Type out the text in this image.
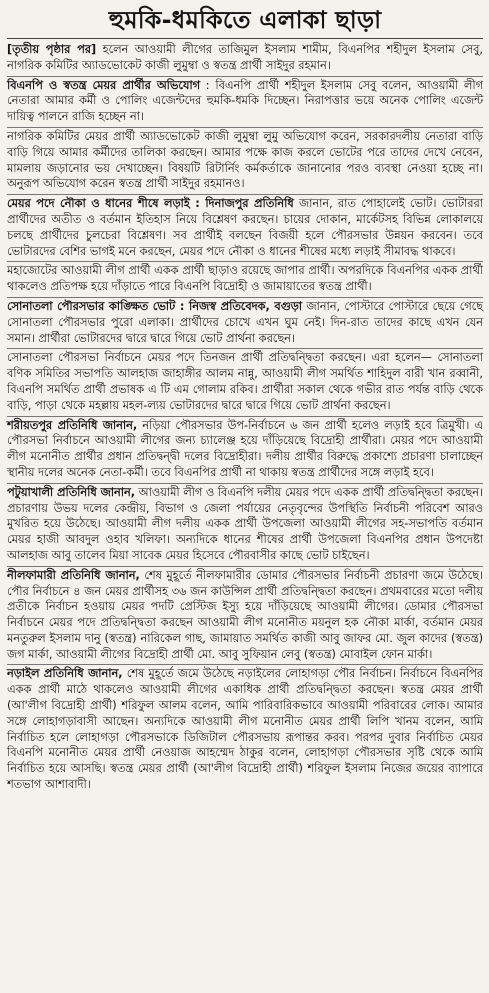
হুমকি-ধমকিতে এলাকা ছাড়া

[তৃতীয় পৃষ্ঠার পর] হলেন আওয়ামী লীগের তাজিমুল ইসলাম শামীম, বিএনপির শহীদুল ইসলাম সেবু, নাগরিক কমিটির অ্যাডভোকেট কাজী লুমুম্বা ও স্বতন্ত্র প্রার্থী সাইদুর রহমান।

বিএনপি ও স্বতন্ত্র মেয়র প্রার্থীর অভিযোগ : বিএনপি প্রার্থী শহীদুল ইসলাম সেবু বলেন, আওয়ামী লীগ নেতারা আমার কর্মী ও পোলিং এজেন্টদের হুমকি-ধমকি দিচ্ছেন। নিরাপত্তার ভয়ে অনেক পোলিং এজেন্ট দায়িত্ব পালনে রাজি হচ্ছেন না।

নাগরিক কমিটির মেয়র প্রার্থী অ্যাডভোকেট কাজী লুমুম্বা লুমু অভিযোগ করেন, সরকারদলীয় নেতারা বাড়ি বাড়ি গিয়ে আমার কর্মীদের তালিকা করছেন। আমার পক্ষে কাজ করলে ভোটের পরে তাদের দেখে নেবেন, মামলায় জড়ানোর ভয় দেখাচ্ছেন। বিষয়টি রিটার্নিং কর্মকর্তাকে জানানোর পরও ব্যবস্থা নেওয়া হচ্ছে না। অনুরূপ অভিযোগ করেন স্বতন্ত্র প্রার্থী সাইদুর রহমানও।

মেয়র পদে নৌকা ও ধানের শীষে লড়াই : দিনাজপুর প্রতিনিধি জানান, রাত পোহালেই ভোট। ভোটাররা প্রার্থীদের অতীত ও বর্তমান ইতিহাস নিয়ে বিশ্লেষণ করছেন। চায়ের দোকান, মার্কেটসহ বিভিন্ন লোকালয়ে চলছে প্রার্থীদের চুলচেরা বিশ্লেষণ। সব প্রার্থীই বলছেন বিজয়ী হলে পৌরসভার উন্নয়ন করবেন। তবে ভোটারদের বেশির ভাগই মনে করছেন, মেয়র পদে নৌকা ও ধানের শীষের মধ্যে লড়াই সীমাবদ্ধ থাকবে।

মহাজোটের আওয়ামী লীগ প্রার্থী একক প্রার্থী ছাড়াও রয়েছে জাপার প্রার্থী। অপরদিকে বিএনপির একক প্রার্থী থাকলেও প্রতিপক্ষ হয়ে দাঁড়াতে পারে বিএনপি বিদ্রোহী ও জামায়াতের স্বতন্ত্র প্রার্থী।

সোনাতলা পৌরসভার কাঙ্ক্ষিত ভোট : নিজস্ব প্রতিবেদক, বগুড়া জানান, পোস্টারে পোস্টারে ছেয়ে গেছে সোনাতলা পৌরসভার পুরো এলাকা। প্রার্থীদের চোখে এখন ঘুম নেই। দিন-রাত তাদের কাছে এখন যেন সমান। প্রার্থীরা ভোটারদের দ্বারে দ্বারে গিয়ে ভোট প্রার্থনা করছেন।

সোনাতলা পৌরসভা নির্বাচনে মেয়র পদে তিনজন প্রার্থী প্রতিদ্বন্দ্বিতা করছেন। এরা হলেন— সোনাতলা বণিক সমিতির সভাপতি আলহাজ জাহাঙ্গীর আলম নান্নু, আওয়ামী লীগ সমর্থিত শাহিদুল বারী খান রব্বানী, বিএনপি সমর্থিত প্রার্থী প্রভাষক এ টি এম গোলাম রকিব। প্রার্থীরা সকাল থেকে গভীর রাত পর্যন্ত বাড়ি থেকে বাড়ি, পাড়া থেকে মহল্লায় মহল-ল্যয় ভোটারদের দ্বারে দ্বারে গিয়ে ভোট প্রার্থনা করছেন।

শরীয়তপুর প্রতিনিধি জানান, নড়িয়া পৌরসভার উপ-নির্বাচনে ৬ জন প্রার্থী হলেও লড়াই হবে ত্রিমুখী। এ পৌরসভা নির্বাচনে আওয়ামী লীগের জন্য চ্যালেঞ্জ হয়ে দাঁড়িয়েছে বিদ্রোহী প্রার্থীরা। মেয়র পদে আওয়ামী লীগ মনোনীত প্রার্থীর প্রধান প্রতিদ্বন্দ্বী দলের বিদ্রোহীরা। দলীয় প্রার্থীর বিরুদ্ধে প্রকাশ্যে প্রচারণা চালাচ্ছেন স্থানীয় দলের অনেক নেতা-কর্মী। তবে বিএনপির প্রার্থী না থাকায় স্বতন্ত্র প্রার্থীদের সঙ্গে লড়াই হবে।

পটুয়াখালী প্রতিনিধি জানান, আওয়ামী লীগ ও বিএনপি দলীয় মেয়র পদে একক প্রার্থী প্রতিদ্বন্দ্বিতা করছেন। প্রচারণায় উভয় দলের কেন্দ্রীয়, বিভাগ ও জেলা পর্যায়ের নেতৃবৃন্দের উপস্থিতি নির্বাচনী পরিবেশ আরও মুখরিত হয়ে উঠেছে। আওয়ামী লীগ দলীয় একক প্রার্থী উপজেলা আওয়ামী লীগের সহ-সভাপতি বর্তমান মেয়র হাজী আবদুল ওহাব খলিফা। অন্যদিকে ধানের শীষের প্রার্থী উপজেলা বিএনপির প্রধান উপদেষ্টা আলহাজ আবু তালেব মিয়া সাবেক মেয়র হিসেবে পৌরবাসীর কাছে ভোট চাইছেন।

নীলফামারী প্রতিনিধি জানান, শেষ মুহূর্তে নীলফামারীর ডোমার পৌরসভার নির্বাচনী প্রচারণা জমে উঠেছে। পৌর নির্বাচনে ৪ জন মেয়র প্রার্থীসহ ৩৬ জন কাউন্সিল প্রার্থী প্রতিদ্বন্দ্বিতা করছেন। প্রথমবারের মতো দলীয় প্রতীকে নির্বাচন হওয়ায় মেয়র পদটি প্রেস্টিজ ইস্যু হয়ে দাঁড়িয়েছে আওয়ামী লীগের। ডোমার পৌরসভা নির্বাচনে মেয়র পদে প্রতিদ্বন্দ্বিতা করছেন আওয়ামী লীগ মনোনীত ময়নুল হক নৌকা মার্কা, বর্তমান মেয়র মনতুরুল ইসলাম দানু (স্বতন্ত্র) নারিকেল গাছ, জামায়াত সমর্থিত কাজী আবু জাফর মো. জুল কাদের (স্বতন্ত্র) জগ মার্কা, আওয়ামী লীগের বিদ্রোহী প্রার্থী মো. আবু সুফিয়ান লেবু (স্বতন্ত্র) মোবাইল ফোন মার্কা।

নড়াইল প্রতিনিধি জানান, শেষ মুহূর্তে জমে উঠেছে নড়াইলের লোহাগড়া পৌর নির্বাচন। নির্বাচনে বিএনপির একক প্রার্থী মাঠে থাকলেও আওয়ামী লীগের একাধিক প্রার্থী প্রতিদ্বন্দ্বিতা করছেন। স্বতন্ত্র মেয়র প্রার্থী (আ'লীগ বিদ্রোহী প্রার্থী) শরিফুল আলম বলেন, আমি পারিবারিকভাবে আওয়ামী পরিবারের লোক। আমার সঙ্গে লোহাগড়াবাসী আছেন। অন্যদিকে আওয়ামী লীগ মনোনীত মেয়র প্রার্থী লিপি খানম বলেন, আমি নির্বাচিত হলে লোহাগড়া পৌরসভাকে ডিজিটাল পৌরসভায় রূপান্তর করব। পরপর দুবার নির্বাচিত মেয়র বিএনপি মনোনীত মেয়র প্রার্থী নেওয়াজ আহম্মেদ ঠাকুর বলেন, লোহাগড়া পৌরসভার সৃষ্টি থেকে আমি নির্বাচিত হয়ে আসছি। স্বতন্ত্র মেয়র প্রার্থী (আ'লীগ বিদ্রোহী প্রার্থী) শরিফুল ইসলাম নিজের জয়ের ব্যাপারে শতভাগ আশাবাদী।
